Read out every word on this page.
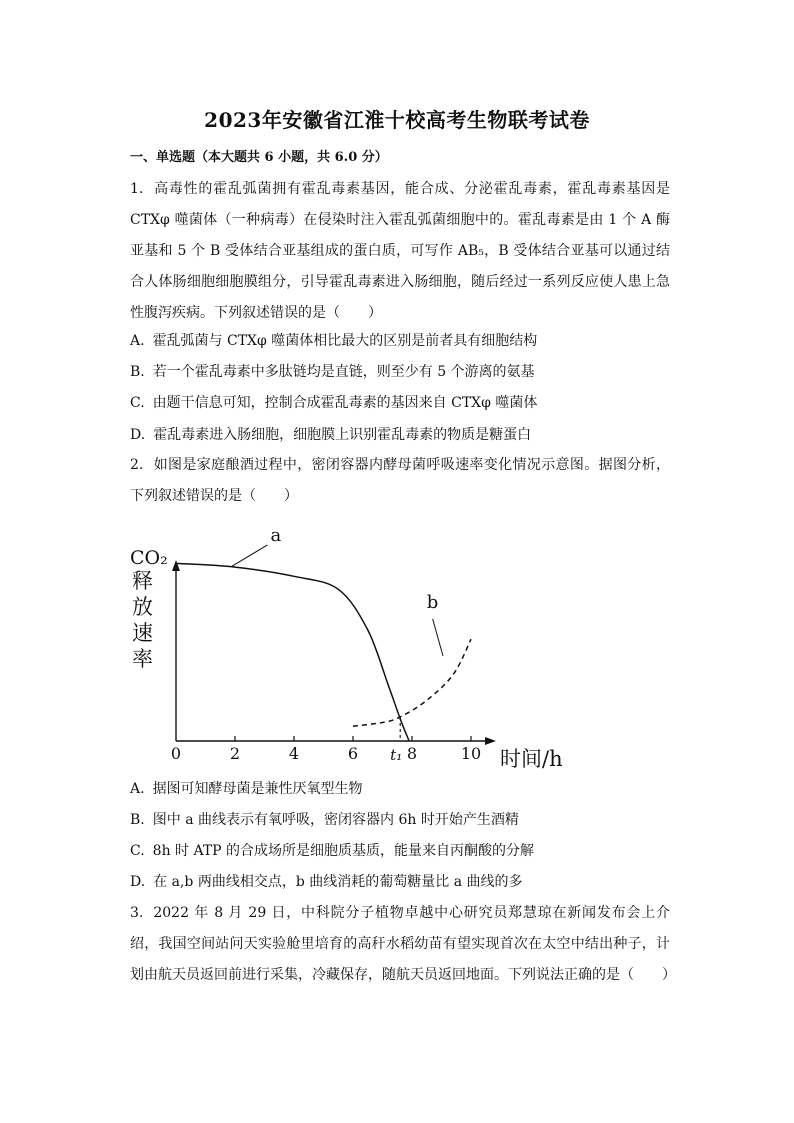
2023年安徽省江淮十校高考生物联考试卷
一、单选题（本大题共 6 小题，共 6.0 分）
1. 高毒性的霍乱弧菌拥有霍乱毒素基因，能合成、分泌霍乱毒素，霍乱毒素基因是 CTXφ 噬菌体（一种病毒）在侵染时注入霍乱弧菌细胞中的。霍乱毒素是由 1 个 A 酶亚基和 5 个 B 受体结合亚基组成的蛋白质，可写作 AB₅，B 受体结合亚基可以通过结合人体肠细胞细胞膜组分，引导霍乱毒素进入肠细胞，随后经过一系列反应使人患上急性腹泻疾病。下列叙述错误的是（　　）
A. 霍乱弧菌与 CTXφ 噬菌体相比最大的区别是前者具有细胞结构
B. 若一个霍乱毒素中多肽链均是直链，则至少有 5 个游离的氨基
C. 由题干信息可知，控制合成霍乱毒素的基因来自 CTXφ 噬菌体
D. 霍乱毒素进入肠细胞，细胞膜上识别霍乱毒素的物质是糖蛋白
2. 如图是家庭酿酒过程中，密闭容器内酵母菌呼吸速率变化情况示意图。据图分析，下列叙述错误的是（　　）
CO₂
释
放
速
率
时间/h
0	2	4	6	8	10
t₁
a
b
A. 据图可知酵母菌是兼性厌氧型生物
B. 图中 a 曲线表示有氧呼吸，密闭容器内 6h 时开始产生酒精
C. 8h 时 ATP 的合成场所是细胞质基质，能量来自丙酮酸的分解
D. 在 a,b 两曲线相交点，b 曲线消耗的葡萄糖量比 a 曲线的多
3. 2022 年 8 月 29 日，中科院分子植物卓越中心研究员郑慧琼在新闻发布会上介绍，我国空间站问天实验舱里培育的高秆水稻幼苗有望实现首次在太空中结出种子，计划由航天员返回前进行采集，冷藏保存，随航天员返回地面。下列说法正确的是（　　）
